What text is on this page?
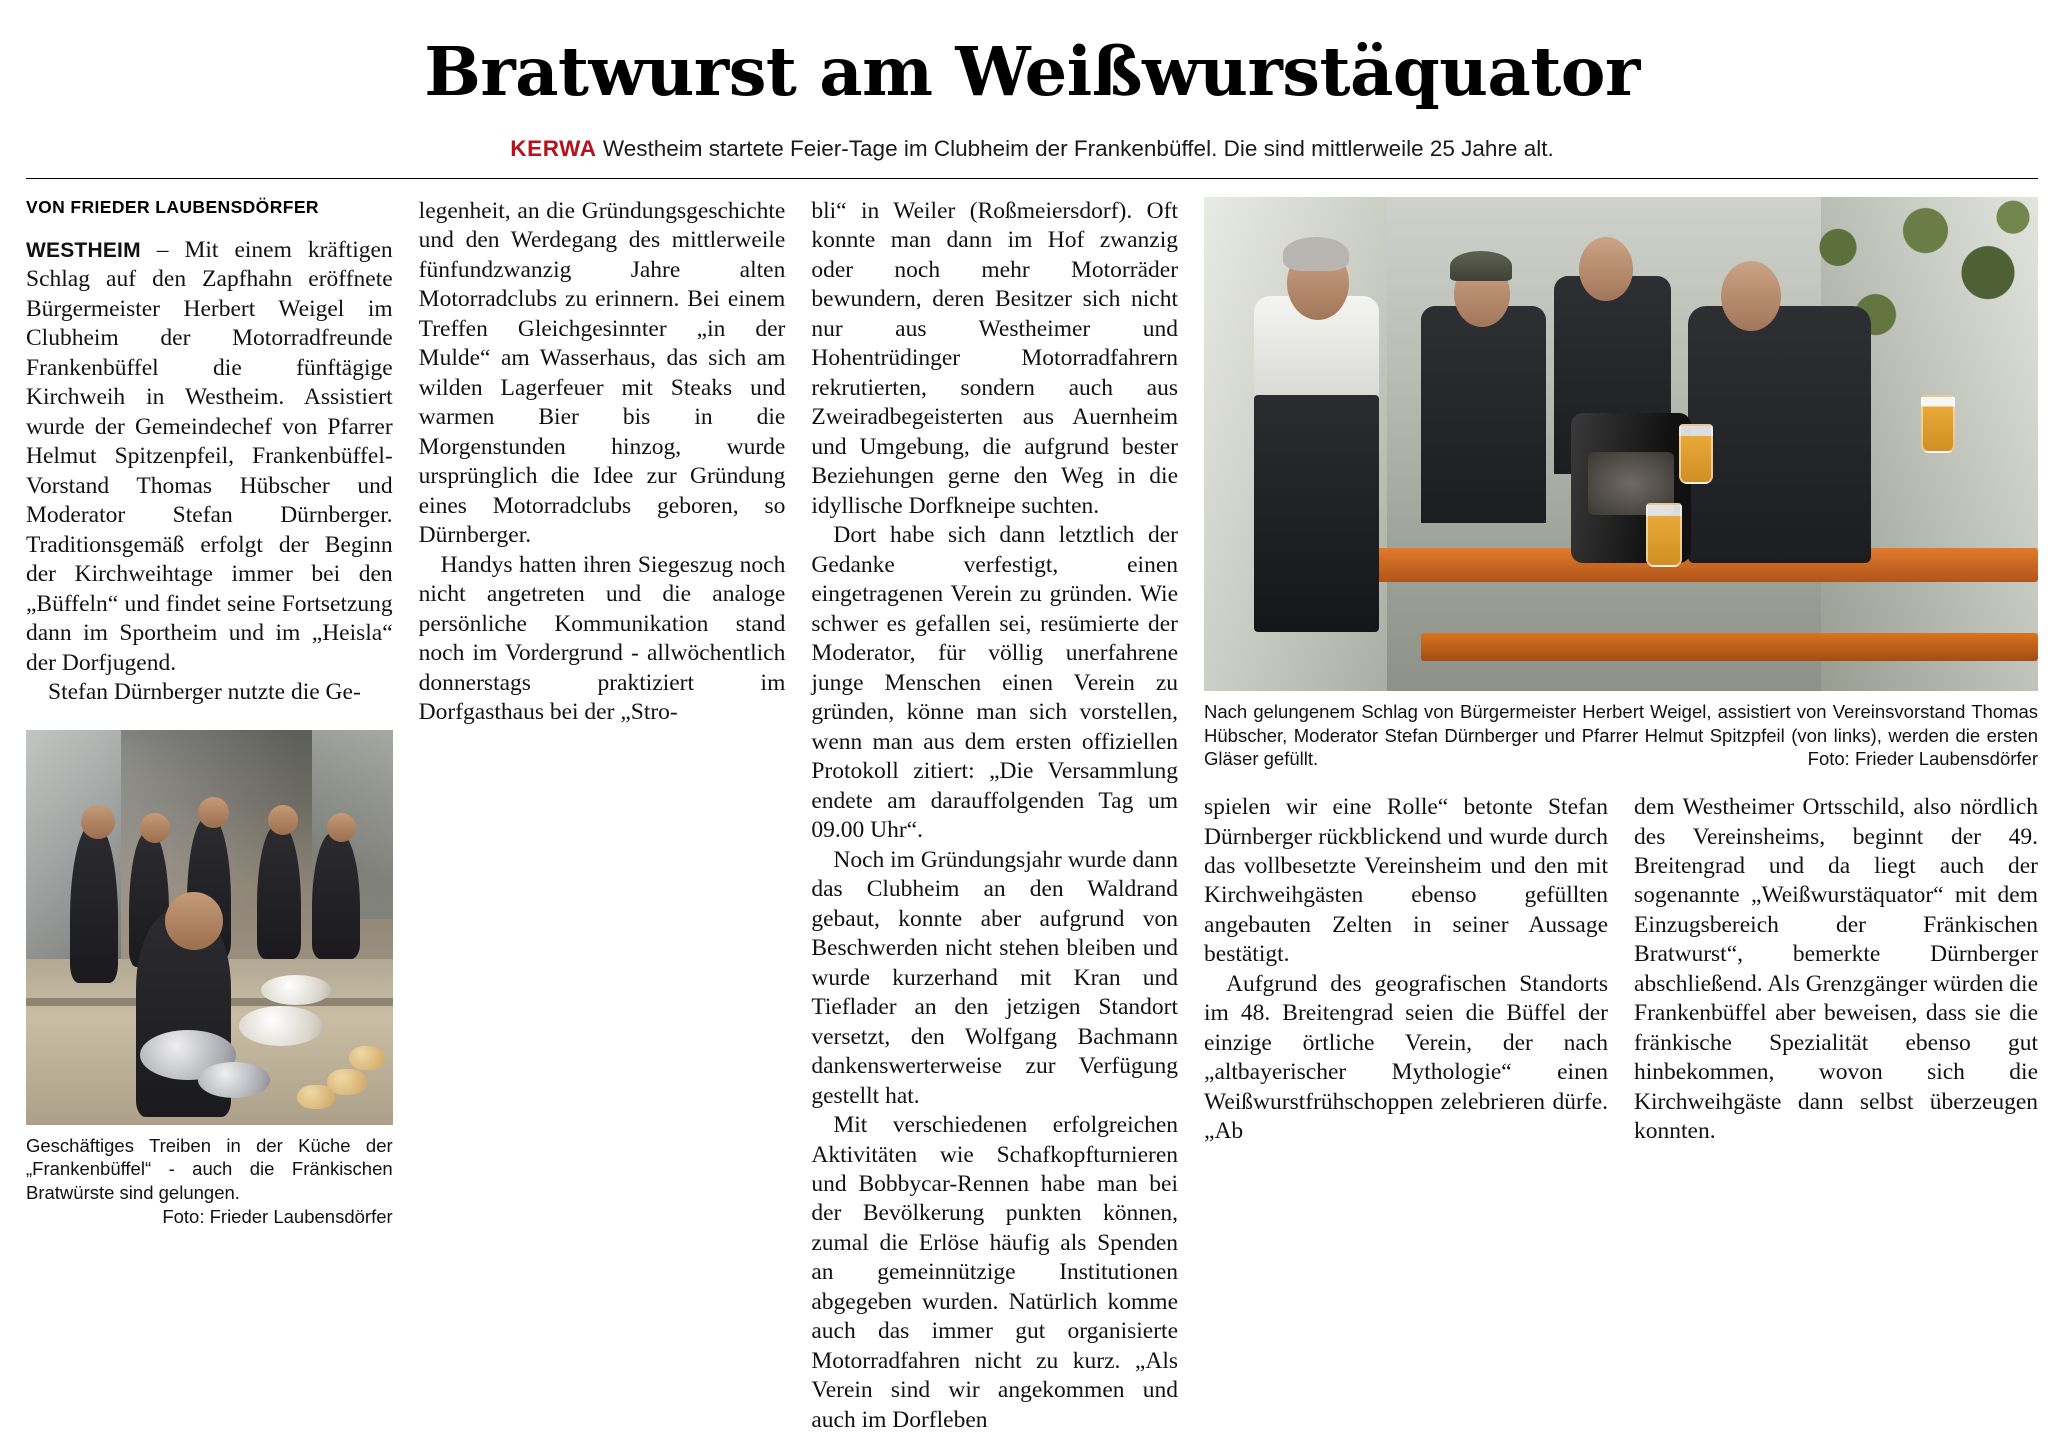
Bratwurst am Weißwurstäquator
KERWA Westheim startete Feier-Tage im Clubheim der Frankenbüffel. Die sind mittlerweile 25 Jahre alt.
VON FRIEDER LAUBENSDÖRFER

WESTHEIM – Mit einem kräftigen Schlag auf den Zapfhahn eröffnete Bürgermeister Herbert Weigel im Clubheim der Motorradfreunde Frankenbüffel die fünftägige Kirchweih in Westheim. Assistiert wurde der Gemeindechef von Pfarrer Helmut Spitzenpfeil, Frankenbüffel-Vorstand Thomas Hübscher und Moderator Stefan Dürnberger. Traditionsgemäß erfolgt der Beginn der Kirchweihtage immer bei den „Büffeln“ und findet seine Fortsetzung dann im Sportheim und im „Heisla“ der Dorfjugend.

Stefan Dürnberger nutzte die Ge-

Geschäftiges Treiben in der Küche der „Frankenbüffel“ - auch die Fränkischen Bratwürste sind gelungen.
Foto: Frieder Laubensdörfer

legenheit, an die Gründungsgeschichte und den Werdegang des mittlerweile fünfundzwanzig Jahre alten Motorradclubs zu erinnern. Bei einem Treffen Gleichgesinnter „in der Mulde“ am Wasserhaus, das sich am wilden Lagerfeuer mit Steaks und warmen Bier bis in die Morgenstunden hinzog, wurde ursprünglich die Idee zur Gründung eines Motorradclubs geboren, so Dürnberger.

Handys hatten ihren Siegeszug noch nicht angetreten und die analoge persönliche Kommunikation stand noch im Vordergrund - allwöchentlich donnerstags praktiziert im Dorfgasthaus bei der „Stro-

bli“ in Weiler (Roßmeiersdorf). Oft konnte man dann im Hof zwanzig oder noch mehr Motorräder bewundern, deren Besitzer sich nicht nur aus Westheimer und Hohentrüdinger Motorradfahrern rekrutierten, sondern auch aus Zweiradbegeisterten aus Auernheim und Umgebung, die aufgrund bester Beziehungen gerne den Weg in die idyllische Dorfkneipe suchten.

Dort habe sich dann letztlich der Gedanke verfestigt, einen eingetragenen Verein zu gründen. Wie schwer es gefallen sei, resümierte der Moderator, für völlig unerfahrene junge Menschen einen Verein zu gründen, könne man sich vorstellen, wenn man aus dem ersten offiziellen Protokoll zitiert: „Die Versammlung endete am darauffolgenden Tag um 09.00 Uhr“.

Noch im Gründungsjahr wurde dann das Clubheim an den Waldrand gebaut, konnte aber aufgrund von Beschwerden nicht stehen bleiben und wurde kurzerhand mit Kran und Tieflader an den jetzigen Standort versetzt, den Wolfgang Bachmann dankenswerterweise zur Verfügung gestellt hat.

Mit verschiedenen erfolgreichen Aktivitäten wie Schafkopfturnieren und Bobbycar-Rennen habe man bei der Bevölkerung punkten können, zumal die Erlöse häufig als Spenden an gemeinnützige Institutionen abgegeben wurden. Natürlich komme auch das immer gut organisierte Motorradfahren nicht zu kurz. „Als Verein sind wir angekommen und auch im Dorfleben

Nach gelungenem Schlag von Bürgermeister Herbert Weigel, assistiert von Vereinsvorstand Thomas Hübscher, Moderator Stefan Dürnberger und Pfarrer Helmut Spitzpfeil (von links), werden die ersten Gläser gefüllt.	Foto: Frieder Laubensdörfer

spielen wir eine Rolle“ betonte Stefan Dürnberger rückblickend und wurde durch das vollbesetzte Vereinsheim und den mit Kirchweihgästen ebenso gefüllten angebauten Zelten in seiner Aussage bestätigt.

Aufgrund des geografischen Standorts im 48. Breitengrad seien die Büffel der einzige örtliche Verein, der nach „altbayerischer Mythologie“ einen Weißwurstfrühschoppen zelebrieren dürfe. „Ab

dem Westheimer Ortsschild, also nördlich des Vereinsheims, beginnt der 49. Breitengrad und da liegt auch der sogenannte „Weißwurstäquator“ mit dem Einzugsbereich der Fränkischen Bratwurst“, bemerkte Dürnberger abschließend. Als Grenzgänger würden die Frankenbüffel aber beweisen, dass sie die fränkische Spezialität ebenso gut hinbekommen, wovon sich die Kirchweihgäste dann selbst überzeugen konnten.
